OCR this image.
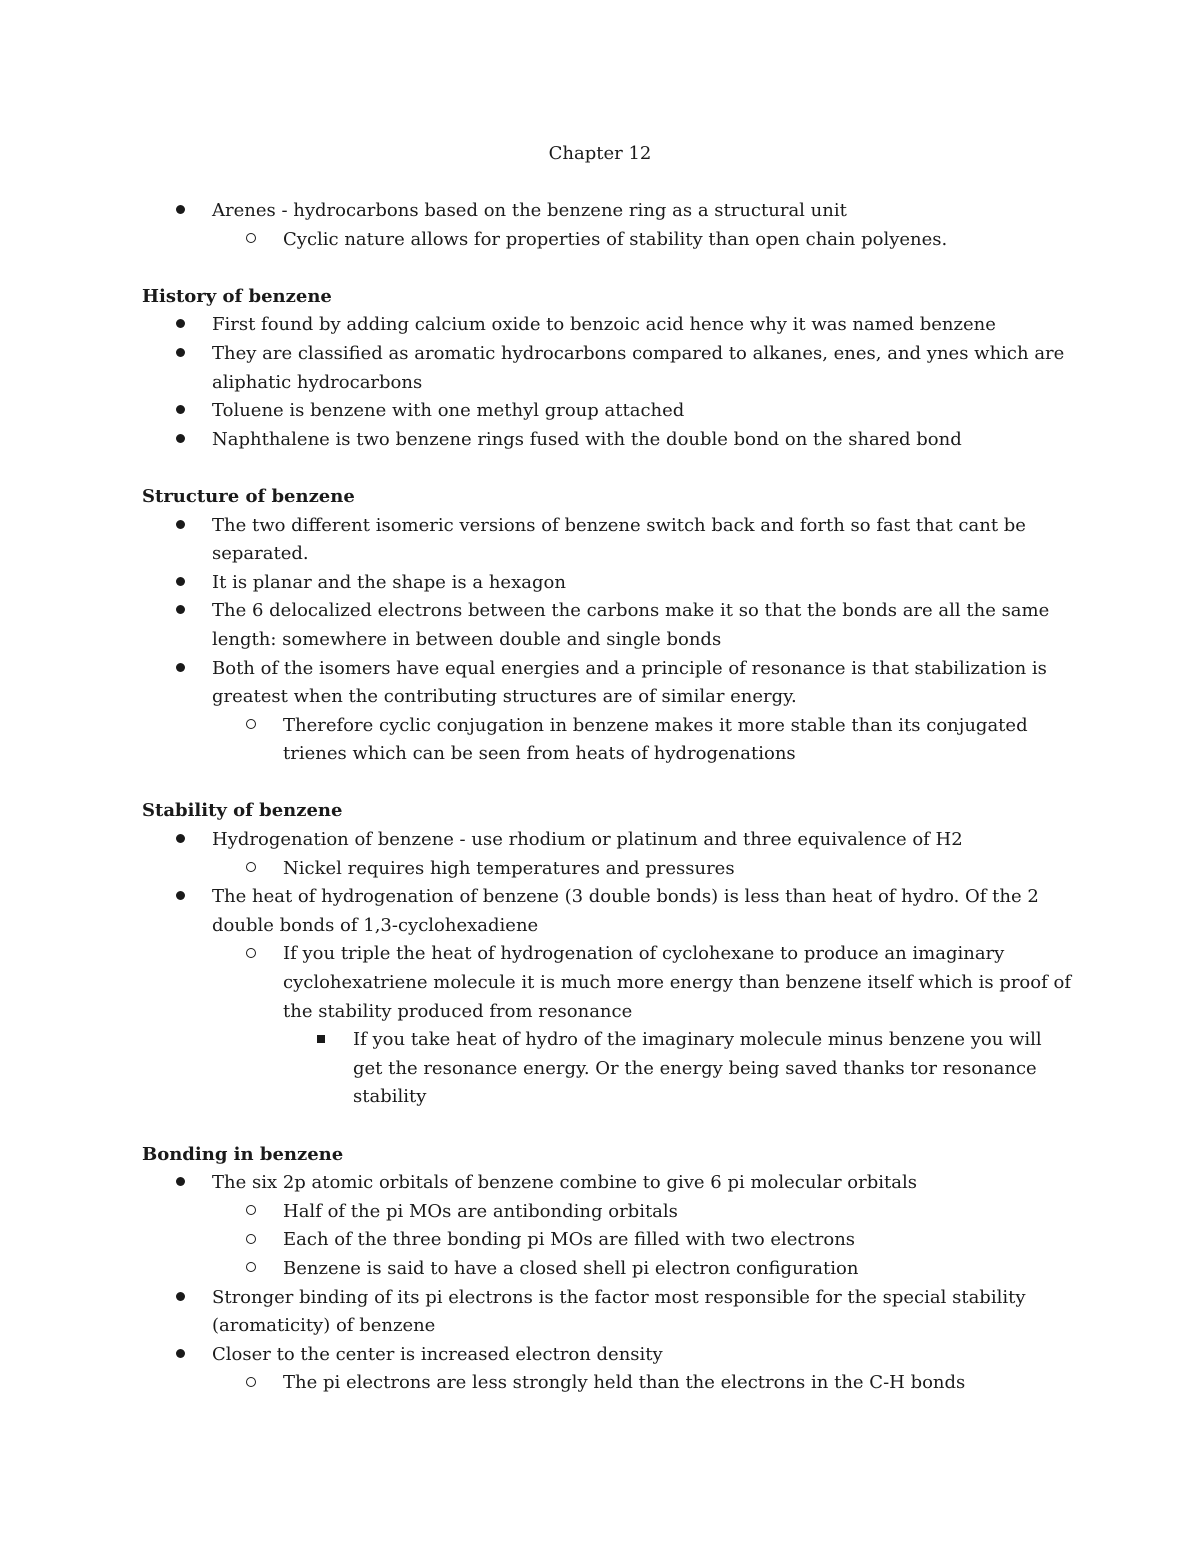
Chapter 12
Arenes - hydrocarbons based on the benzene ring as a structural unit
Cyclic nature allows for properties of stability than open chain polyenes.
History of benzene
First found by adding calcium oxide to benzoic acid hence why it was named benzene
They are classified as aromatic hydrocarbons compared to alkanes, enes, and ynes which are aliphatic hydrocarbons
Toluene is benzene with one methyl group attached
Naphthalene is two benzene rings fused with the double bond on the shared bond
Structure of benzene
The two different isomeric versions of benzene switch back and forth so fast that cant be separated.
It is planar and the shape is a hexagon
The 6 delocalized electrons between the carbons make it so that the bonds are all the same length: somewhere in between double and single bonds
Both of the isomers have equal energies and a principle of resonance is that stabilization is greatest when the contributing structures are of similar energy.
Therefore cyclic conjugation in benzene makes it more stable than its conjugated trienes which can be seen from heats of hydrogenations
Stability of benzene
Hydrogenation of benzene - use rhodium or platinum and three equivalence of H2
Nickel requires high temperatures and pressures
The heat of hydrogenation of benzene (3 double bonds) is less than heat of hydro. Of the 2 double bonds of 1,3-cyclohexadiene
If you triple the heat of hydrogenation of cyclohexane to produce an imaginary cyclohexatriene molecule it is much more energy than benzene itself which is proof of the stability produced from resonance
If you take heat of hydro of the imaginary molecule minus benzene you will get the resonance energy. Or the energy being saved thanks tor resonance stability
Bonding in benzene
The six 2p atomic orbitals of benzene combine to give 6 pi molecular orbitals
Half of the pi MOs are antibonding orbitals
Each of the three bonding pi MOs are filled with two electrons
Benzene is said to have a closed shell pi electron configuration
Stronger binding of its pi electrons is the factor most responsible for the special stability (aromaticity) of benzene
Closer to the center is increased electron density
The pi electrons are less strongly held than the electrons in the C-H bonds
